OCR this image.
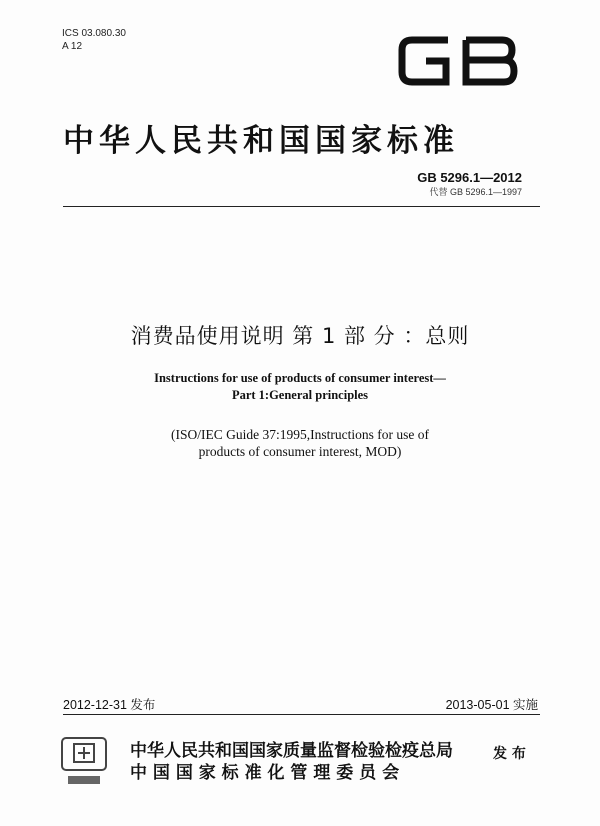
ICS 03.080.30
A 12
中华人民共和国国家标准
GB 5296.1—2012
代替 GB 5296.1—1997
消费品使用说明 第 1 部 分 ：总则
Instructions for use of products of consumer interest—
Part 1:General principles
(ISO/IEC Guide 37:1995,Instructions for use of
products of consumer interest, MOD)
2012-12-31 发布	2013-05-01 实施
中华人民共和国国家质量监督检验检疫总局
中 国 国 家 标 准 化 管 理 委 员 会
发 布
